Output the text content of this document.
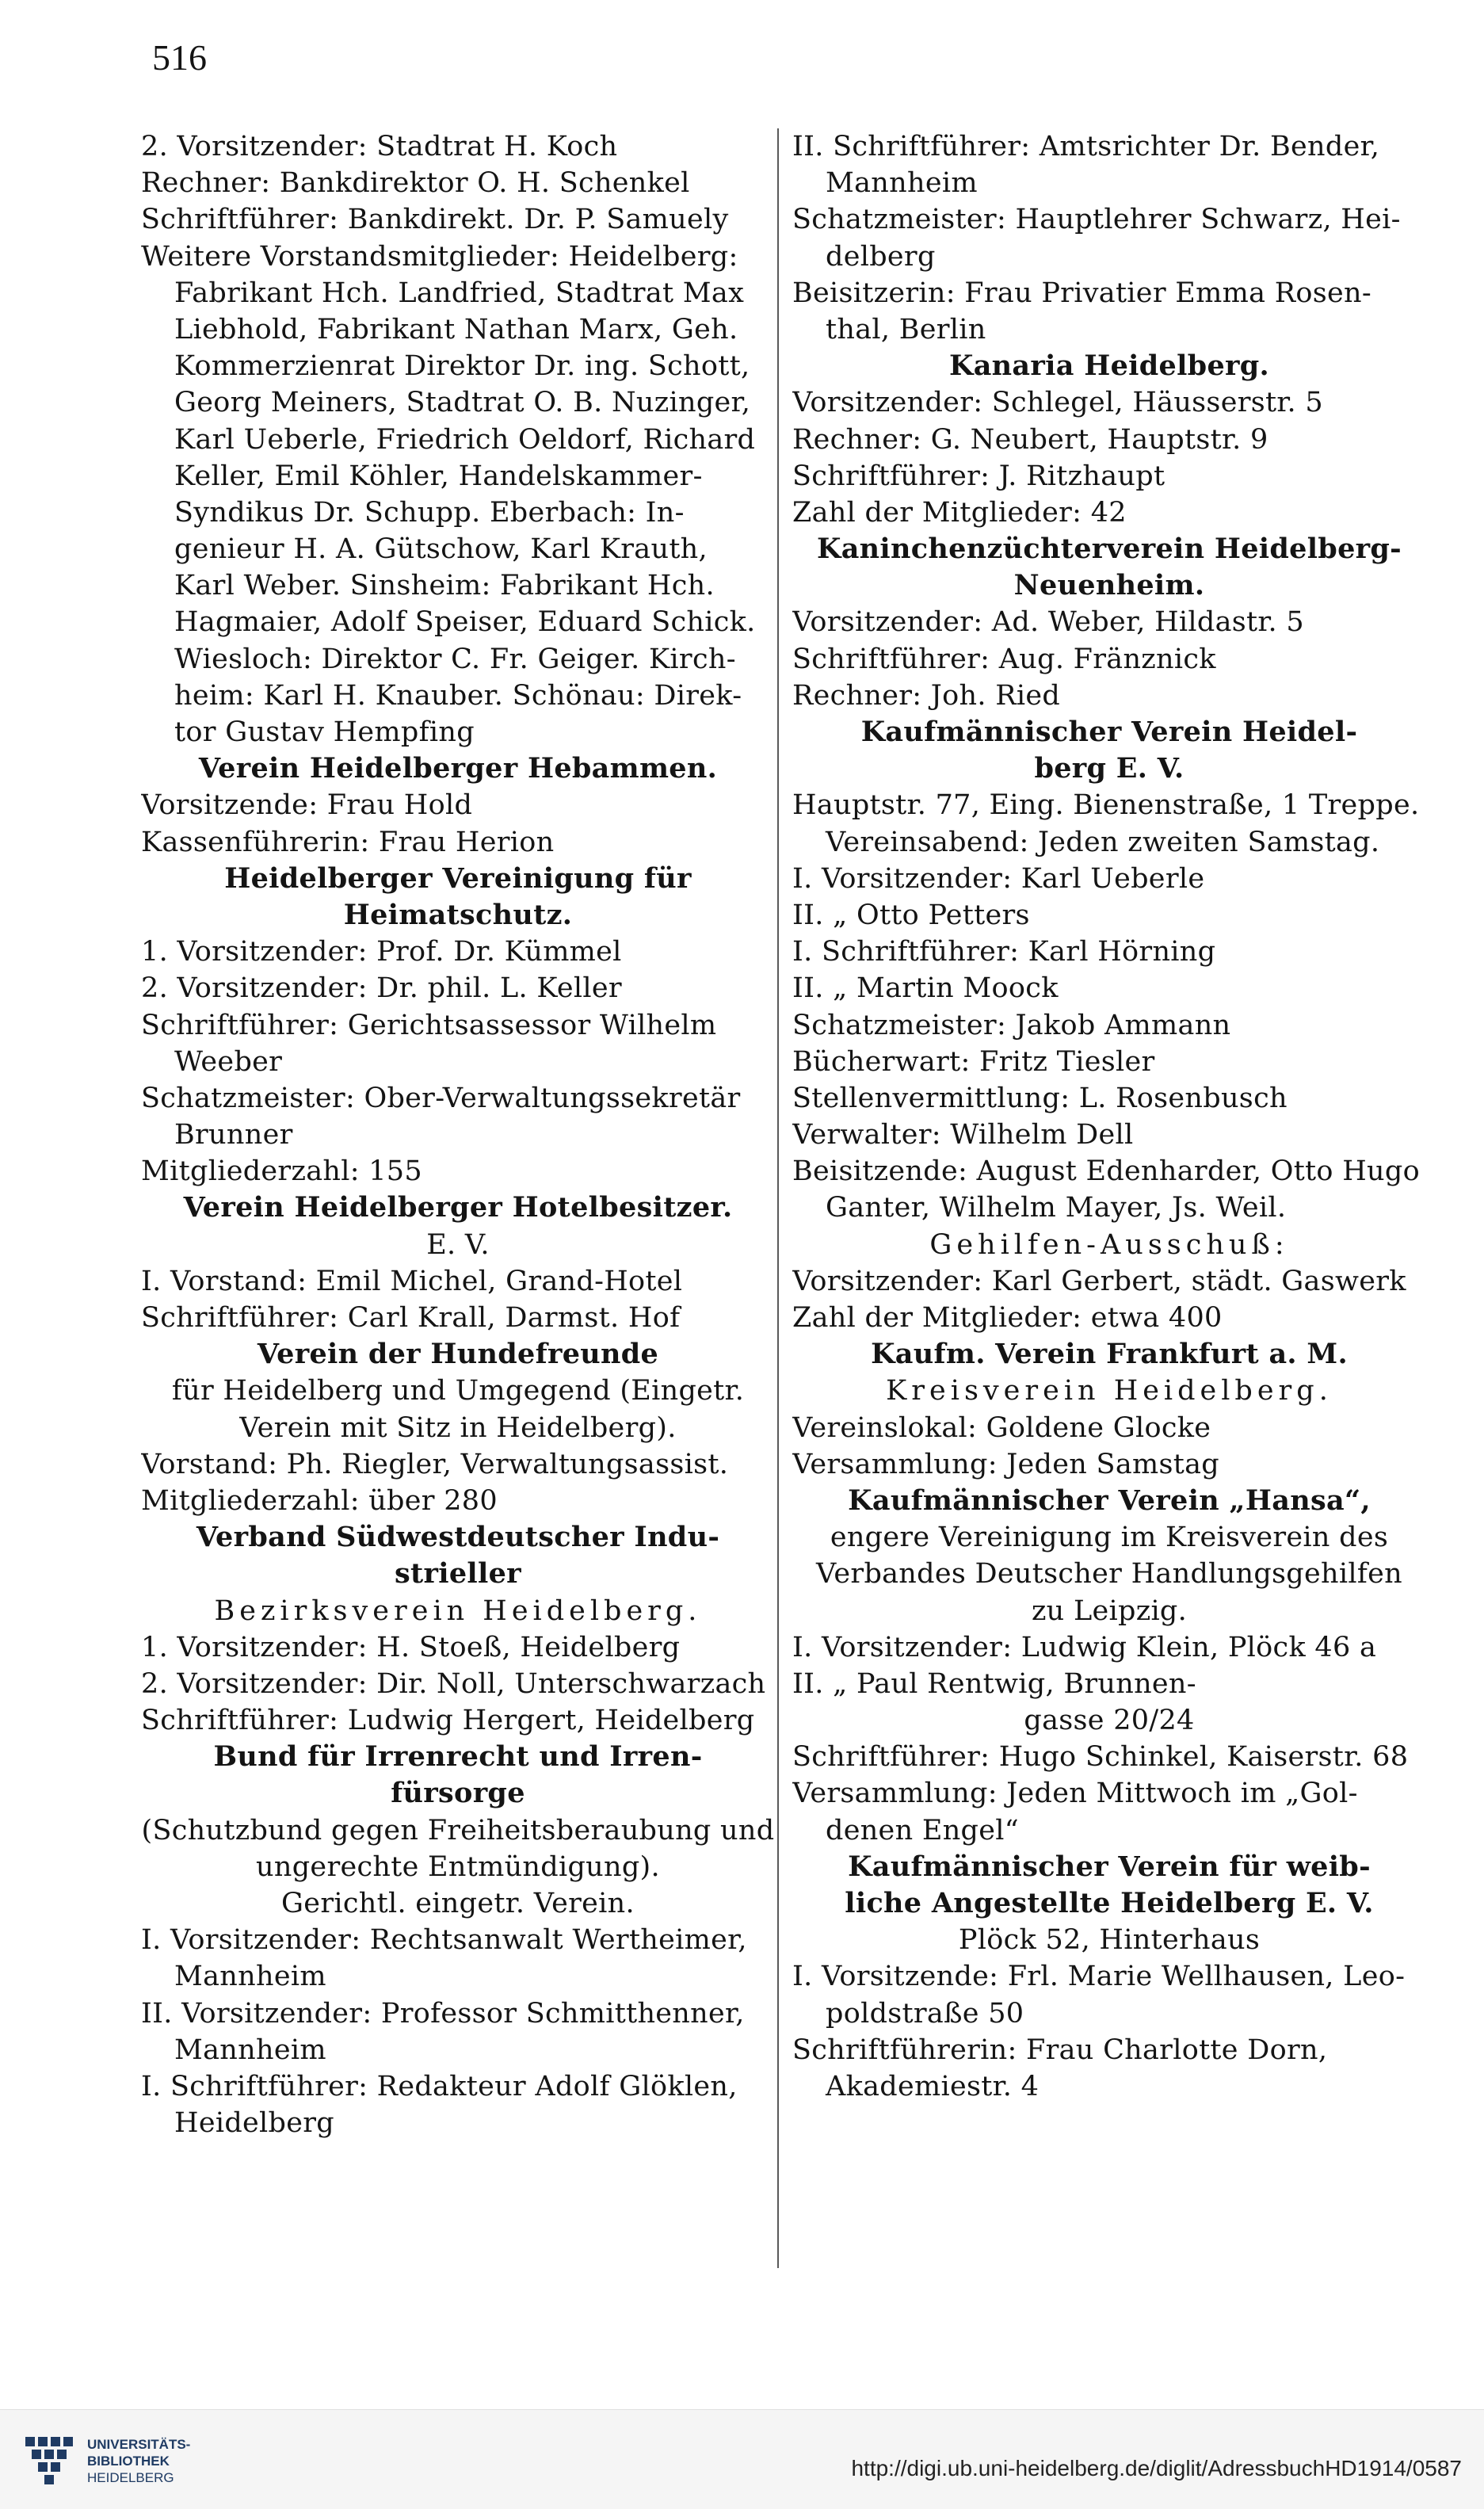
516
2. Vorsitzender: Stadtrat H. Koch
Rechner: Bankdirektor O. H. Schenkel
Schriftführer: Bankdirekt. Dr. P. Samuely
Weitere Vorstandsmitglieder: Heidelberg:
Fabrikant Hch. Landfried, Stadtrat Max
Liebhold, Fabrikant Nathan Marx, Geh.
Kommerzienrat Direktor Dr. ing. Schott,
Georg Meiners, Stadtrat O. B. Nuzinger,
Karl Ueberle, Friedrich Oeldorf, Richard
Keller, Emil Köhler, Handelskammer-
Syndikus Dr. Schupp. Eberbach: In-
genieur H. A. Gütschow, Karl Krauth,
Karl Weber. Sinsheim: Fabrikant Hch.
Hagmaier, Adolf Speiser, Eduard Schick.
Wiesloch: Direktor C. Fr. Geiger. Kirch-
heim: Karl H. Knauber. Schönau: Direk-
tor Gustav Hempfing
Verein Heidelberger Hebammen.
Vorsitzende: Frau Hold
Kassenführerin: Frau Herion
Heidelberger Vereinigung für
Heimatschutz.
1. Vorsitzender: Prof. Dr. Kümmel
2. Vorsitzender: Dr. phil. L. Keller
Schriftführer: Gerichtsassessor Wilhelm
Weeber
Schatzmeister: Ober-Verwaltungssekretär
Brunner
Mitgliederzahl: 155
Verein Heidelberger Hotelbesitzer.
E. V.
I. Vorstand: Emil Michel, Grand-Hotel
Schriftführer: Carl Krall, Darmst. Hof
Verein der Hundefreunde
für Heidelberg und Umgegend (Eingetr.
Verein mit Sitz in Heidelberg).
Vorstand: Ph. Riegler, Verwaltungsassist.
Mitgliederzahl: über 280
Verband Südwestdeutscher Indu-
strieller
Bezirksverein Heidelberg.
1. Vorsitzender: H. Stoeß, Heidelberg
2. Vorsitzender: Dir. Noll, Unterschwarzach
Schriftführer: Ludwig Hergert, Heidelberg
Bund für Irrenrecht und Irren-
fürsorge
(Schutzbund gegen Freiheitsberaubung und
ungerechte Entmündigung).
Gerichtl. eingetr. Verein.
I. Vorsitzender: Rechtsanwalt Wertheimer,
Mannheim
II. Vorsitzender: Professor Schmitthenner,
Mannheim
I. Schriftführer: Redakteur Adolf Glöklen,
Heidelberg
II. Schriftführer: Amtsrichter Dr. Bender,
Mannheim
Schatzmeister: Hauptlehrer Schwarz, Hei-
delberg
Beisitzerin: Frau Privatier Emma Rosen-
thal, Berlin
Kanaria Heidelberg.
Vorsitzender: Schlegel, Häusserstr. 5
Rechner: G. Neubert, Hauptstr. 9
Schriftführer: J. Ritzhaupt
Zahl der Mitglieder: 42
Kaninchenzüchterverein Heidelberg-
Neuenheim.
Vorsitzender: Ad. Weber, Hildastr. 5
Schriftführer: Aug. Fränznick
Rechner: Joh. Ried
Kaufmännischer Verein Heidel-
berg E. V.
Hauptstr. 77, Eing. Bienenstraße, 1 Treppe.
Vereinsabend: Jeden zweiten Samstag.
I. Vorsitzender: Karl Ueberle
II. „ Otto Petters
I. Schriftführer: Karl Hörning
II. „ Martin Moock
Schatzmeister: Jakob Ammann
Bücherwart: Fritz Tiesler
Stellenvermittlung: L. Rosenbusch
Verwalter: Wilhelm Dell
Beisitzende: August Edenharder, Otto Hugo
Ganter, Wilhelm Mayer, Js. Weil.
Gehilfen-Ausschuß:
Vorsitzender: Karl Gerbert, städt. Gaswerk
Zahl der Mitglieder: etwa 400
Kaufm. Verein Frankfurt a. M.
Kreisverein Heidelberg.
Vereinslokal: Goldene Glocke
Versammlung: Jeden Samstag
Kaufmännischer Verein „Hansa“,
engere Vereinigung im Kreisverein des
Verbandes Deutscher Handlungsgehilfen
zu Leipzig.
I. Vorsitzender: Ludwig Klein, Plöck 46 a
II. „ Paul Rentwig, Brunnen-
gasse 20/24
Schriftführer: Hugo Schinkel, Kaiserstr. 68
Versammlung: Jeden Mittwoch im „Gol-
denen Engel“
Kaufmännischer Verein für weib-
liche Angestellte Heidelberg E. V.
Plöck 52, Hinterhaus
I. Vorsitzende: Frl. Marie Wellhausen, Leo-
poldstraße 50
Schriftführerin: Frau Charlotte Dorn,
Akademiestr. 4
UNIVERSITÄTS-
BIBLIOTHEK
HEIDELBERG	http://digi.ub.uni-heidelberg.de/diglit/AdressbuchHD1914/0587
